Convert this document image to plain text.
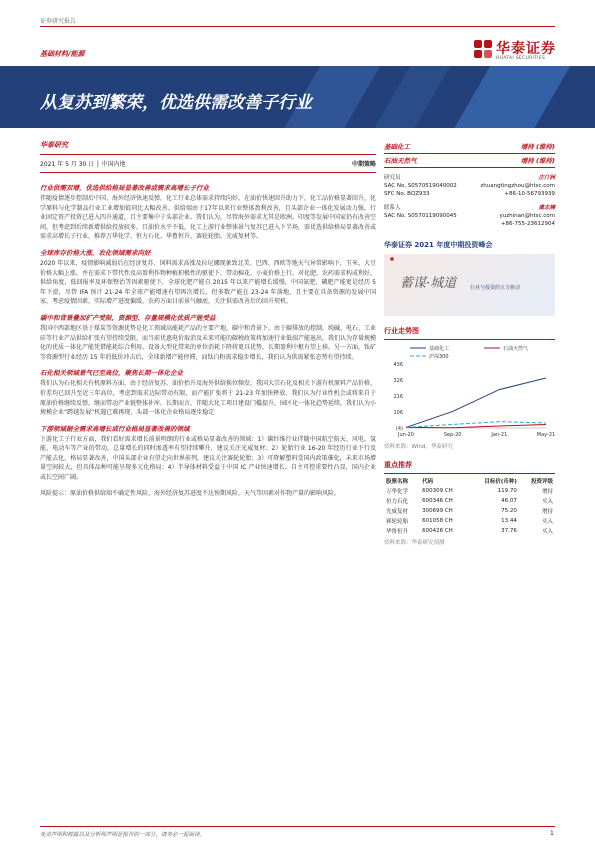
证券研究报告
基础材料/能源	华泰证券
HUATAI SECURITIES
从复苏到繁荣，优选供需改善子行业
华泰研究
2021 年 5 月 30 日 │ 中国内地	中期策略
行业供需双增，优选供给格局显著改善或需求高增长子行业
伴随疫情逐步控制后中国、海外经济快速反弹，化工行业总体需求持续向好，在油价快速回升助力下，化工品价格显著回升，化学原料与化学制品行业工业增加值同比大幅改善。供给端由于17年以来行业整体盈利改善，且头部企业一体化发展动力强，行业固定资产投资已进入四升通道，且主要集中于头部企业。我们认为，尽管海外需求尤其是欧洲、印度等发展中国家仍有改善空间，但考虑到后续新增供给投放较多，且油价水平不低，化工上游行业整体景气复苏已进入下半场，需优选供给格局显著改善或需求高增长子行业，推荐万华化学、恒力石化、华鲁恒升、赛轮轮胎、光威复材等。
全球库存价格大涨，农化领域需求向好
2020 年以来，疫情影响减弱后在经济复苏、饲料需求高涨及拉尼娜现象致北美、巴西、西欧等地天气异常影响下，玉米、大豆价格大幅上涨，并在需求下带代性及高盈利作物种植积极性的驱使下，带动棉花、小麦价格上行。对化肥、农药需求构成利好。供给角度，低回报率及环保整治等因素驱使下，全球化肥产能自 2015 年以来产能增长缓慢，中国氮肥、磷肥产能更是经历 5 年下滑，尽管 IFA 预计 21-24 年全球产能增速有望再次增长，但多数产能在 23-24 年落地，且主要在具备资源的发展中国家，考虑疫情因素，实际增产进度偏缓。农药方面目前景气触底，关注供需改善后的回升契机。
碳中和背景叠加扩产受限，资源型、存量规模化优质产能受益
我国中西部地区基于煤炭等资源优势是化工领域高能耗产品的主要产地，碳中和背景下，由于碳排放的控制，纯碱、电石、工业硅等行业产品供给扩张有望持续受限，而当前优惠电价取消及未来可能的碳税政策将加速行业低端产能退出，我们认为存量规模化的优质一体化产能凭借能耗综合利用、设备大型化带来的单位消耗下降将更具优势，长期盈利中枢有望上移。另一方面，钛矿等资源型行业经历 15 年的低价冲击后，全球新增产能停滞，而钛白粉需求稳步增长，我们认为供需紧张态势有望持续。
石化相关领域景气已至高位，聚焦长期一体化企业
我们认为石化相关有机原料方面，由于经济复苏、油价抬升及海外供给换位频发，我国大宗石化及相关下游有机原料产品价格、价差均已回升至近三年高位，考虑到需求边际带动有限，而产能扩张将于 21-23 年加快释放，我们认为行业性机会或将来自于原油价格继续反弹，继而带动产业链整体补库。长期而言，伴随大化工项目建设门槛提升，园区化一体化趋势延续，我们认为小规模企业“跨越发展”机遇已难再现，头部一体化企业格局逐步稳定
下游领域据全需求高增长或行业格局显著改善的领域
下游化工子行业方面，我们看好需求增长前景明朗的行业或格局显著改善的领域：1）碳纤维行业伴随中国航空航天、风电、氢能、电动车等产业的带动，总量增长的同时渗透率有望持续攀升，建议关注光威复材；2）轮胎行业 16-20 年经历行业下行及产能去化，格局显著改善，中国头部企业有望走向世界前列，建议关注赛轮轮胎；3）可降解塑料受国内政策催化，未来市场增量空间较大，但具体品种可能呈现多元化格局；4）半导体材料受益于中国 IC 产业快速增长，自主可控重要性凸显，国内企业或长空间广阔。
风险提示：原油价格供给端不确定性风险，海外经济复苏进度不达预期风险，天气等因素对作物产量的影响风险。
基础化工	增持 (维持)
石油天然气	增持 (维持)
研究员	庄汀洲
SAC No. S0570519040002	zhuangtingzhou@htsc.com
SFC No. BQZ933	+86-10-56793939
联系人	虞志楠
SAC No. S0570119090045	yuzhinan@htsc.com
+86-755-23612904
华泰证券 2021 年度中期投资峰会
■
蓄谋·城道	行业与投资的五力驱动
行业走势图
基础化工	石油天然气
沪深300
436
326
216
106
(4)
Jun-20	Sep-20	Jan-21	May-21
资料来源：Wind，华泰研究
重点推荐
股票名称	代码	目标价(币种)	投资评级
万华化学	600309 CH	119.70	增持
恒力石化	600346 CH	46.07	买入
光威复材	300699 CH	75.20	增持
赛轮轮胎	601058 CH	13.44	买入
华鲁恒升	600426 CH	37.76	买入
资料来源：华泰研究预测
免责声明和披露以及分析师声明是报告的一部分，请务必一起阅读。	1
